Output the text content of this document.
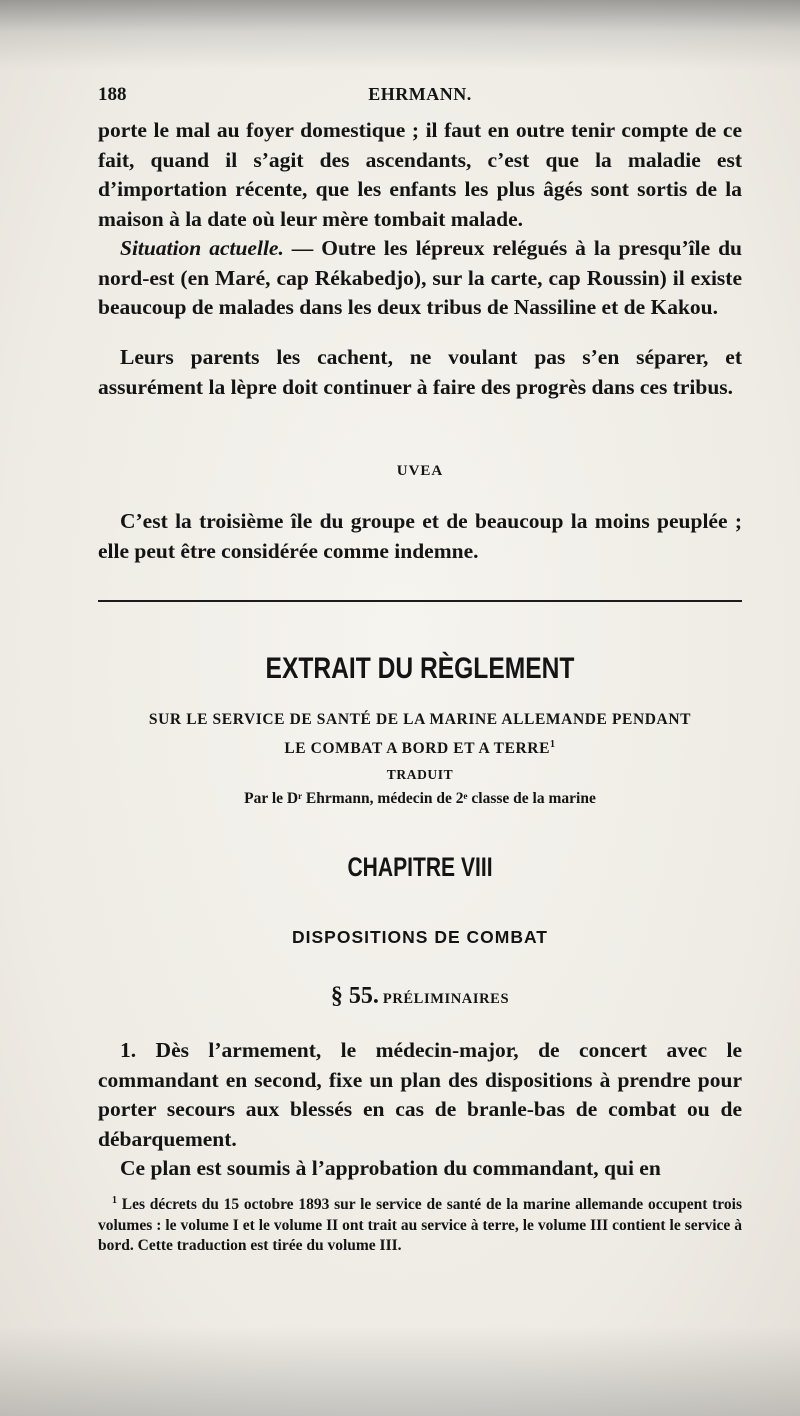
188	EHRMANN.

porte le mal au foyer domestique ; il faut en outre tenir compte de ce fait, quand il s’agit des ascendants, c’est que la maladie est d’importation récente, que les enfants les plus âgés sont sortis de la maison à la date où leur mère tombait malade.

Situation actuelle. — Outre les lépreux relégués à la presqu’île du nord-est (en Maré, cap Rékabedjo), sur la carte, cap Roussin) il existe beaucoup de malades dans les deux tribus de Nassiline et de Kakou.

Leurs parents les cachent, ne voulant pas s’en séparer, et assurément la lèpre doit continuer à faire des progrès dans ces tribus.

UVEA

C’est la troisième île du groupe et de beaucoup la moins peuplée ; elle peut être considérée comme indemne.

EXTRAIT DU RÈGLEMENT
SUR LE SERVICE DE SANTÉ DE LA MARINE ALLEMANDE PENDANT
LE COMBAT A BORD ET A TERRE$^1$
TRADUIT
Par le Dʳ Ehrmann, médecin de 2ᵉ classe de la marine
CHAPITRE VIII
DISPOSITIONS DE COMBAT
§ 55. PRÉLIMINAIRES

1. Dès l’armement, le médecin-major, de concert avec le commandant en second, fixe un plan des dispositions à prendre pour porter secours aux blessés en cas de branle-bas de combat ou de débarquement.

Ce plan est soumis à l’approbation du commandant, qui en

$^1$ Les décrets du 15 octobre 1893 sur le service de santé de la marine allemande occupent trois volumes : le volume I et le volume II ont trait au service à terre, le volume III contient le service à bord. Cette traduction est tirée du volume III.
